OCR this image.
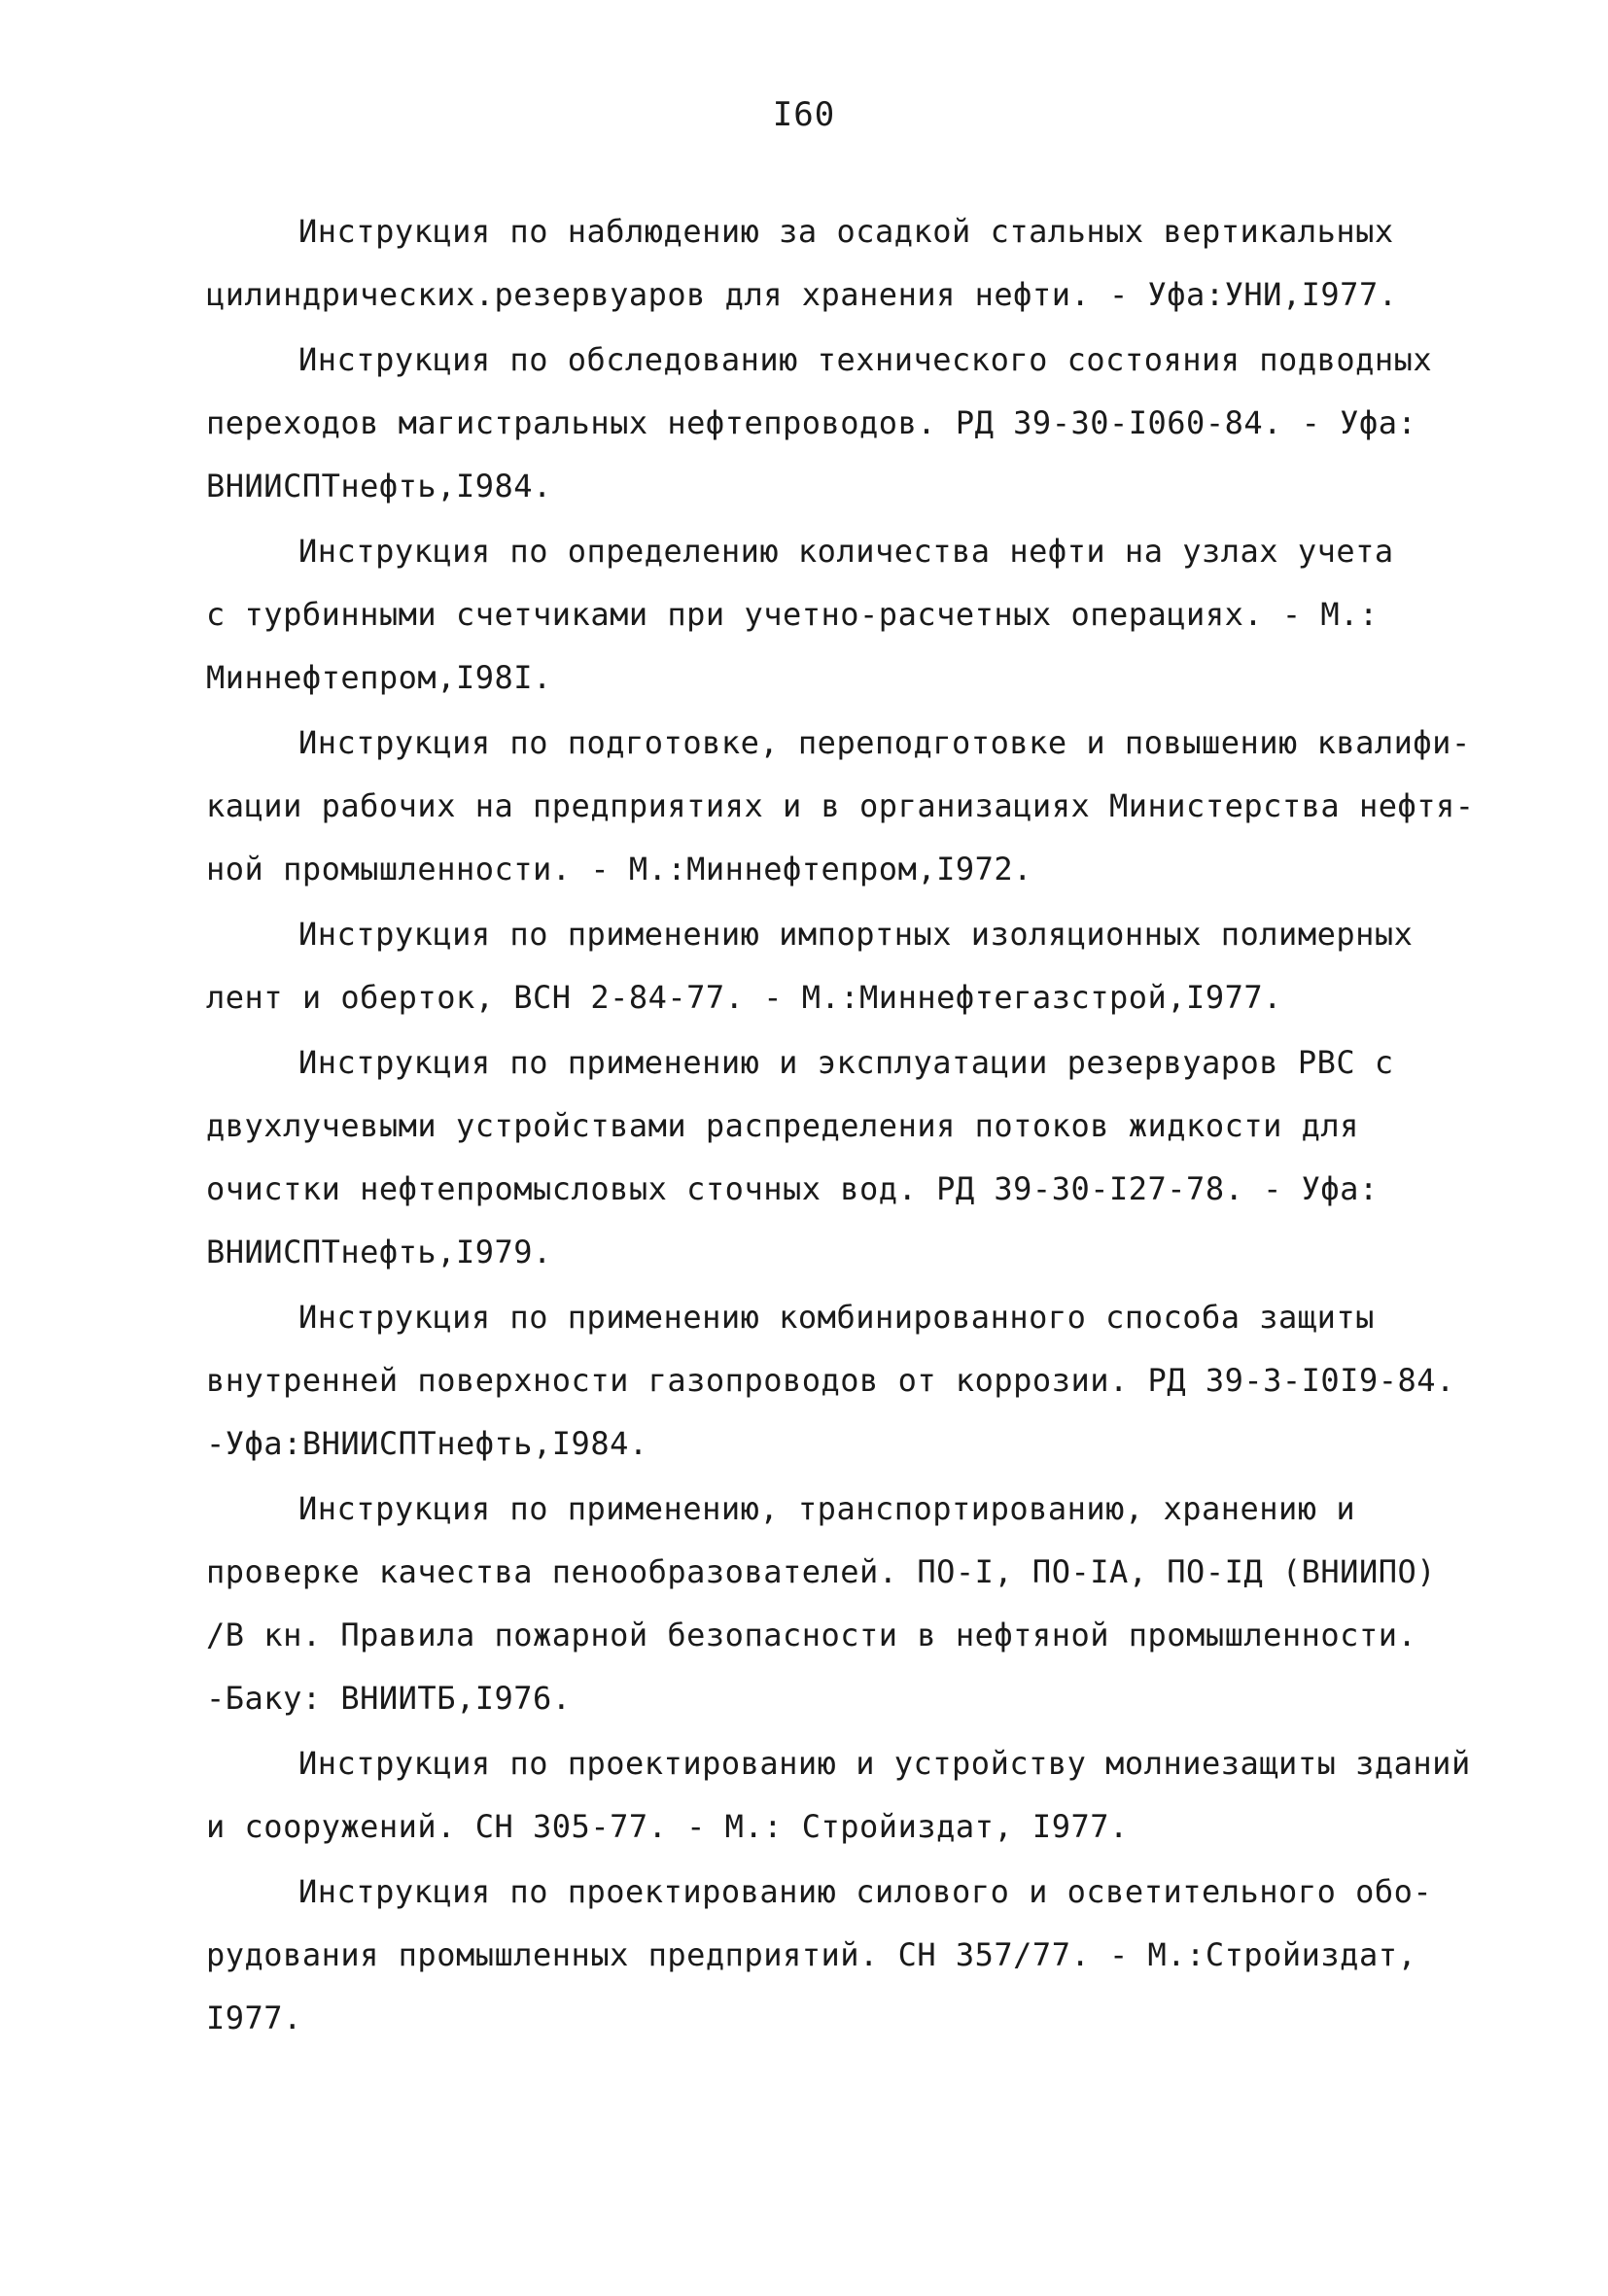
I60
Инструкция по наблюдению за осадкой стальных вертикальных
цилиндрических.резервуаров для хранения нефти. - Уфа:УНИ,I977.
Инструкция по обследованию технического состояния подводных
переходов магистральных нефтепроводов. РД 39-30-I060-84. - Уфа:
ВНИИСПТнефть,I984.
Инструкция по определению количества нефти на узлах учета
с турбинными счетчиками при учетно-расчетных операциях. - М.:
Миннефтепром,I98I.
Инструкция по подготовке, переподготовке и повышению квалифи-
кации рабочих на предприятиях и в организациях Министерства нефтя-
ной промышленности. - М.:Миннефтепром,I972.
Инструкция по применению импортных изоляционных полимерных
лент и оберток, ВСН 2-84-77. - М.:Миннефтегазстрой,I977.
Инструкция по применению и эксплуатации резервуаров РВС с
двухлучевыми устройствами распределения потоков жидкости для
очистки нефтепромысловых сточных вод. РД 39-30-I27-78. - Уфа:
ВНИИСПТнефть,I979.
Инструкция по применению комбинированного способа защиты
внутренней поверхности газопроводов от коррозии. РД 39-3-I0I9-84.
-Уфа:ВНИИСПТнефть,I984.
Инструкция по применению, транспортированию, хранению и
проверке качества пенообразователей. ПО-I, ПО-IA, ПО-IД (ВНИИПО)
/В кн. Правила пожарной безопасности в нефтяной промышленности.
-Баку: ВНИИТБ,I976.
Инструкция по проектированию и устройству молниезащиты зданий
и сооружений. СН 305-77. - М.: Стройиздат, I977.
Инструкция по проектированию силового и осветительного обо-
рудования промышленных предприятий. СН 357/77. - М.:Стройиздат,
I977.
